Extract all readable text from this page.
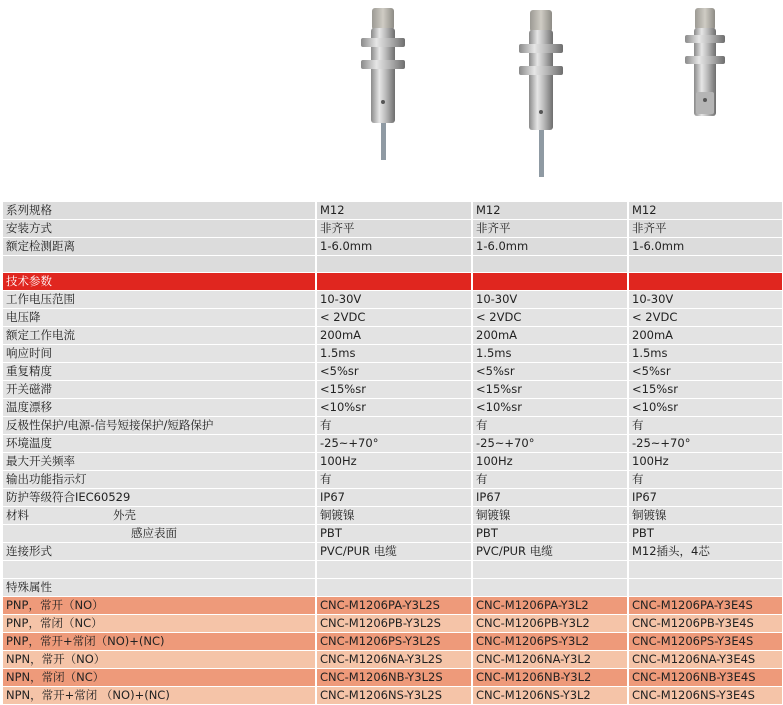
系列规格	M12	M12	M12
安装方式	非齐平	非齐平	非齐平
额定检测距离	1-6.0mm	1-6.0mm	1-6.0mm

技术参数			
工作电压范围	10-30V	10-30V	10-30V
电压降	< 2VDC	< 2VDC	< 2VDC
额定工作电流	200mA	200mA	200mA
响应时间	1.5ms	1.5ms	1.5ms
重复精度	<5%sr	<5%sr	<5%sr
开关磁滞	<15%sr	<15%sr	<15%sr
温度漂移	<10%sr	<10%sr	<10%sr
反极性保护/电源-信号短接保护/短路保护	有	有	有
环境温度	-25~+70°	-25~+70°	-25~+70°
最大开关频率	100Hz	100Hz	100Hz
输出功能指示灯	有	有	有
防护等级符合IEC60529	IP67	IP67	IP67
材料 外壳	铜镀镍	铜镀镍	铜镀镍
感应表面	PBT	PBT	PBT
连接形式	PVC/PUR 电缆	PVC/PUR 电缆	M12插头，4芯

特殊属性			
PNP，常开（NO）	CNC-M1206PA-Y3L2S	CNC-M1206PA-Y3L2	CNC-M1206PA-Y3E4S
PNP，常闭（NC）	CNC-M1206PB-Y3L2S	CNC-M1206PB-Y3L2	CNC-M1206PB-Y3E4S
PNP，常开+常闭（NO)+(NC)	CNC-M1206PS-Y3L2S	CNC-M1206PS-Y3L2	CNC-M1206PS-Y3E4S
NPN，常开（NO）	CNC-M1206NA-Y3L2S	CNC-M1206NA-Y3L2	CNC-M1206NA-Y3E4S
NPN，常闭（NC）	CNC-M1206NB-Y3L2S	CNC-M1206NB-Y3L2	CNC-M1206NB-Y3E4S
NPN，常开+常闭 （NO)+(NC)	CNC-M1206NS-Y3L2S	CNC-M1206NS-Y3L2	CNC-M1206NS-Y3E4S
